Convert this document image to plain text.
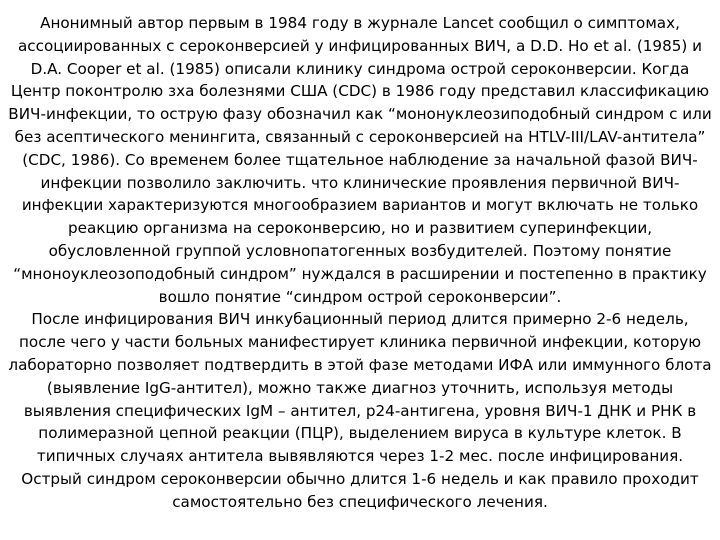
Анонимный автор первым в 1984 году в журнале Lancet сообщил о симптомах, ассоциированных с сероконверсией у инфицированных ВИЧ, а D.D. Ho et al. (1985) и D.A. Cooper et al. (1985) описали клинику синдрома острой сероконверсии. Когда Центр поконтролю зха болезнями США (CDC) в 1986 году представил классификацию ВИЧ-инфекции, то острую фазу обозначил как “мононуклеозиподобный синдром с или без асептического менингита, связанный с сероконверсией на HTLV-III/LAV-антитела” (CDC, 1986). Со временем более тщательное наблюдение за начальной фазой ВИЧ-инфекции позволило заключить. что клинические проявления первичной ВИЧ-инфекции характеризуются многообразием вариантов и могут включать не только реакцию организма на сероконверсию, но и развитием суперинфекции, обусловленной группой условнопатогенных возбудителей. Поэтому понятие “мноноуклеозоподобный синдром” нуждался в расширении и постепенно в практику вошло понятие “синдром острой сероконверсии”.

После инфицирования ВИЧ инкубационный период длится примерно 2-6 недель, после чего у части больных манифестирует клиника первичной инфекции, которую лабораторно позволяет подтвердить в этой фазе методами ИФА или иммунного блота (выявление IgG-антител), можно также диагноз уточнить, используя методы выявления специфических IgM – антител, р24-антигена, уровня ВИЧ-1 ДНК и РНК в полимеразной цепной реакции (ПЦР), выделением вируса в культуре клеток. В типичных случаях антитела вывявляются через 1-2 мес. после инфицирования.

Острый синдром сероконверсии обычно длится 1-6 недель и как правило проходит самостоятельно без специфического лечения.
